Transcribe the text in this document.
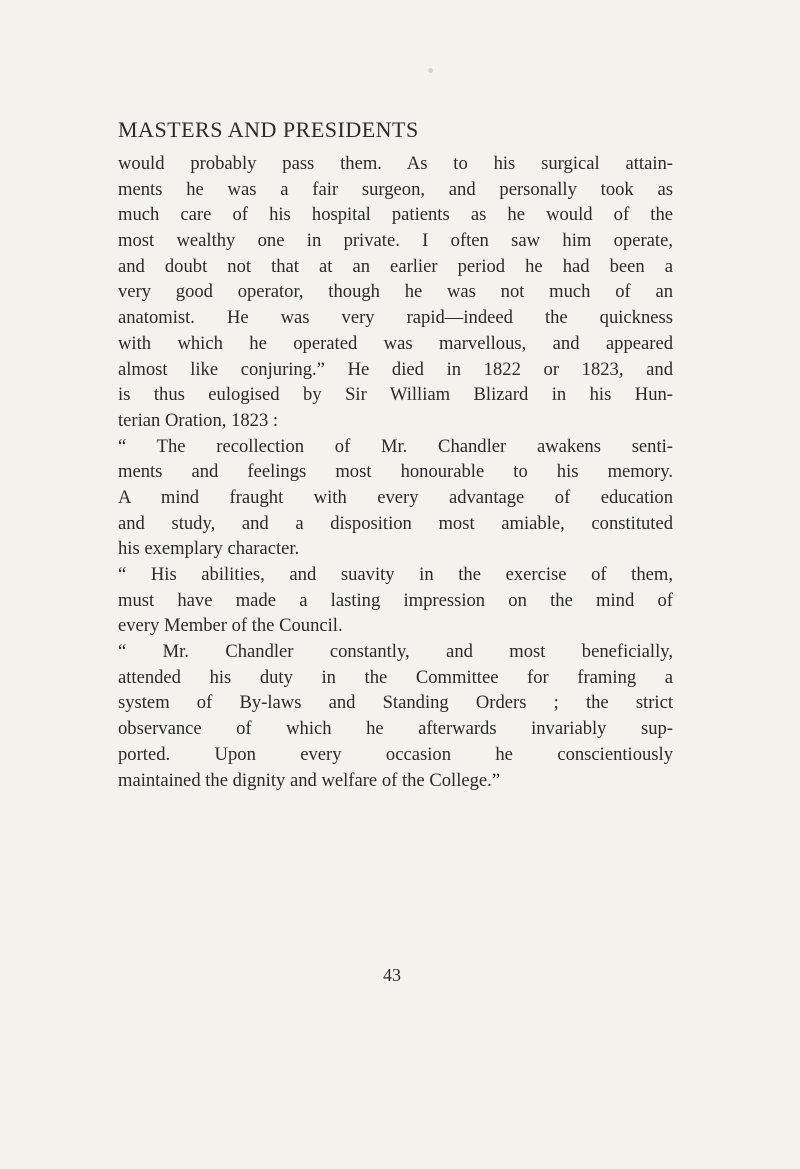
MASTERS AND PRESIDENTS
would probably pass them. As to his surgical attain-
ments he was a fair surgeon, and personally took as
much care of his hospital patients as he would of the
most wealthy one in private. I often saw him operate,
and doubt not that at an earlier period he had been a
very good operator, though he was not much of an
anatomist. He was very rapid—indeed the quickness
with which he operated was marvellous, and appeared
almost like conjuring.” He died in 1822 or 1823, and
is thus eulogised by Sir William Blizard in his Hun-
terian Oration, 1823 :
“ The recollection of Mr. Chandler awakens senti-
ments and feelings most honourable to his memory.
A mind fraught with every advantage of education
and study, and a disposition most amiable, constituted
his exemplary character.
“ His abilities, and suavity in the exercise of them,
must have made a lasting impression on the mind of
every Member of the Council.
“ Mr. Chandler constantly, and most beneficially,
attended his duty in the Committee for framing a
system of By-laws and Standing Orders ; the strict
observance of which he afterwards invariably sup-
ported. Upon every occasion he conscientiously
maintained the dignity and welfare of the College.”
43
